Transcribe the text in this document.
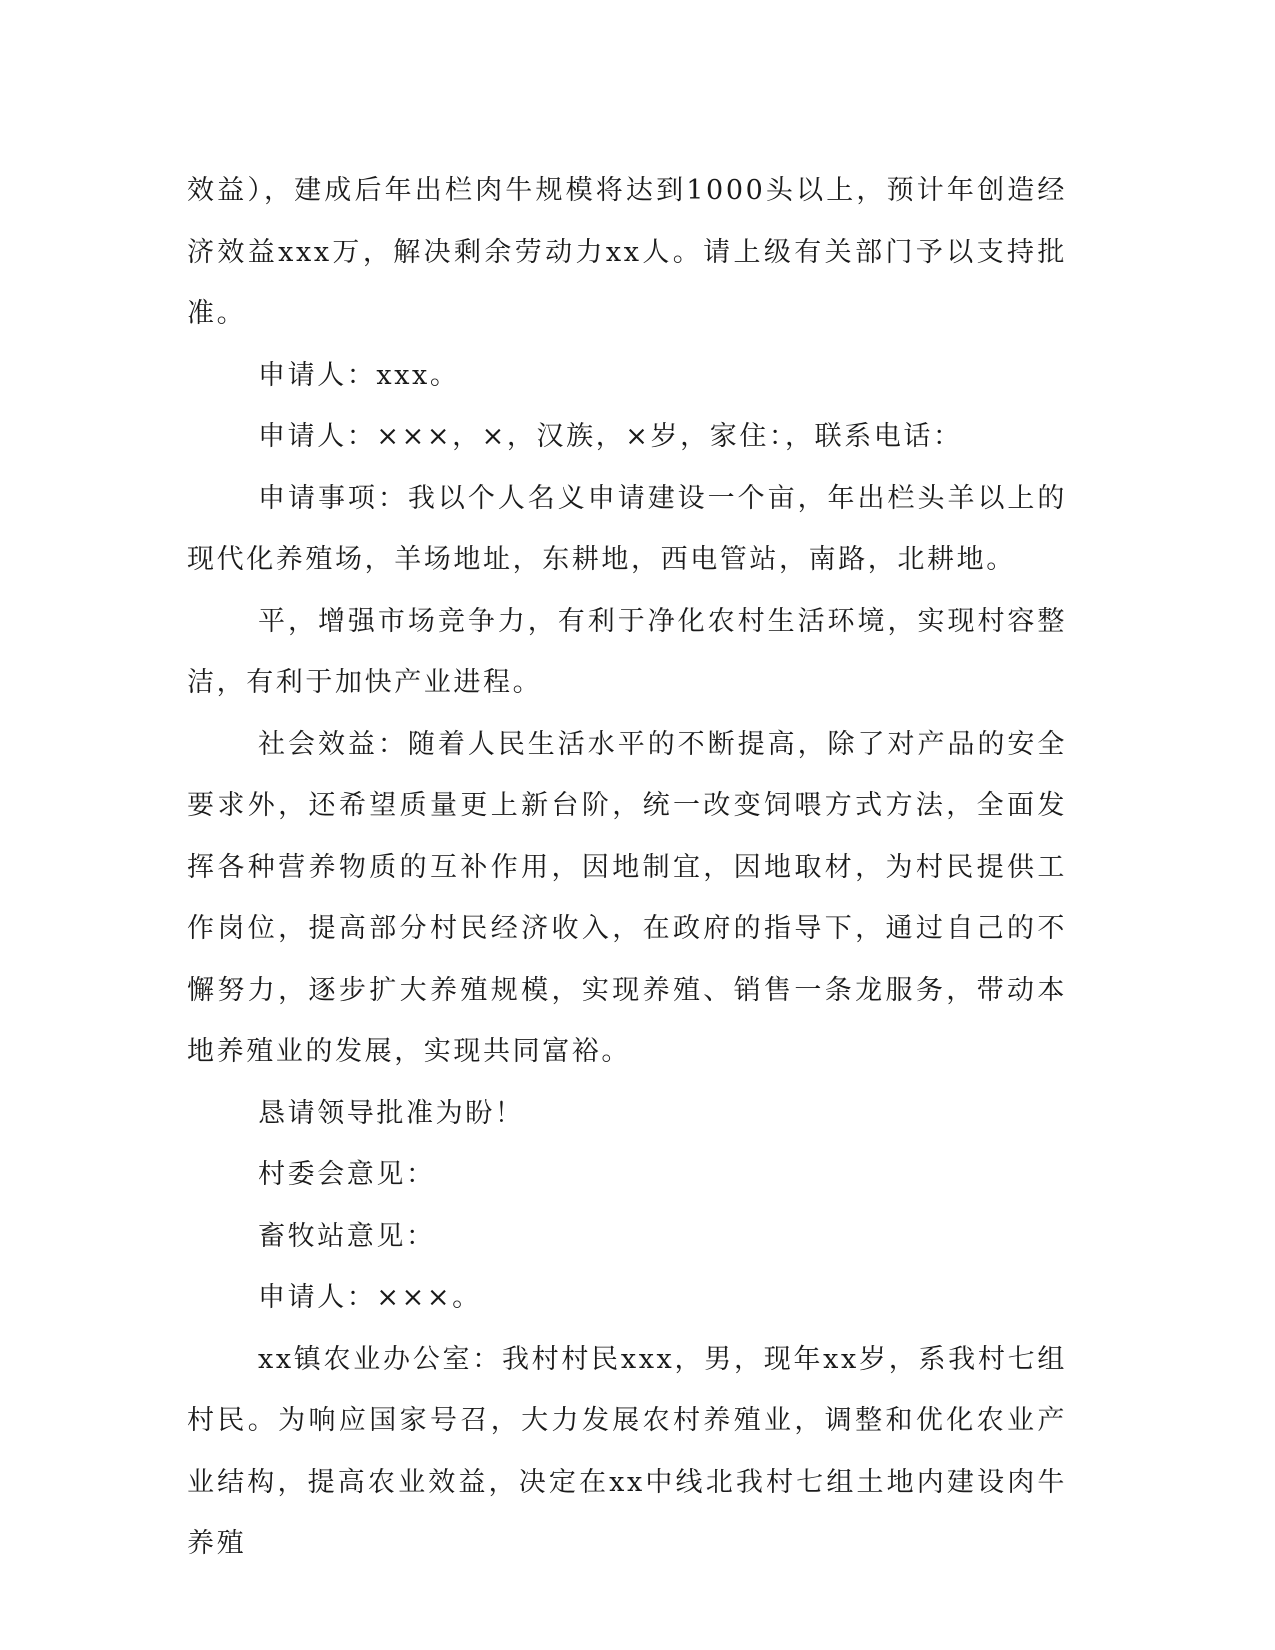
效益），建成后年出栏肉牛规模将达到1000头以上，预计年创造经济效益xxx万，解决剩余劳动力xx人。请上级有关部门予以支持批准。

申请人：xxx。

申请人：×××，×，汉族，×岁，家住：，联系电话：

申请事项：我以个人名义申请建设一个亩，年出栏头羊以上的现代化养殖场，羊场地址，东耕地，西电管站，南路，北耕地。

平，增强市场竞争力，有利于净化农村生活环境，实现村容整洁，有利于加快产业进程。

社会效益：随着人民生活水平的不断提高，除了对产品的安全要求外，还希望质量更上新台阶，统一改变饲喂方式方法，全面发挥各种营养物质的互补作用，因地制宜，因地取材，为村民提供工作岗位，提高部分村民经济收入，在政府的指导下，通过自己的不懈努力，逐步扩大养殖规模，实现养殖、销售一条龙服务，带动本地养殖业的发展，实现共同富裕。

恳请领导批准为盼！

村委会意见：

畜牧站意见：

申请人：×××。

xx镇农业办公室：我村村民xxx，男，现年xx岁，系我村七组村民。为响应国家号召，大力发展农村养殖业，调整和优化农业产业结构，提高农业效益，决定在xx中线北我村七组土地内建设肉牛养殖
